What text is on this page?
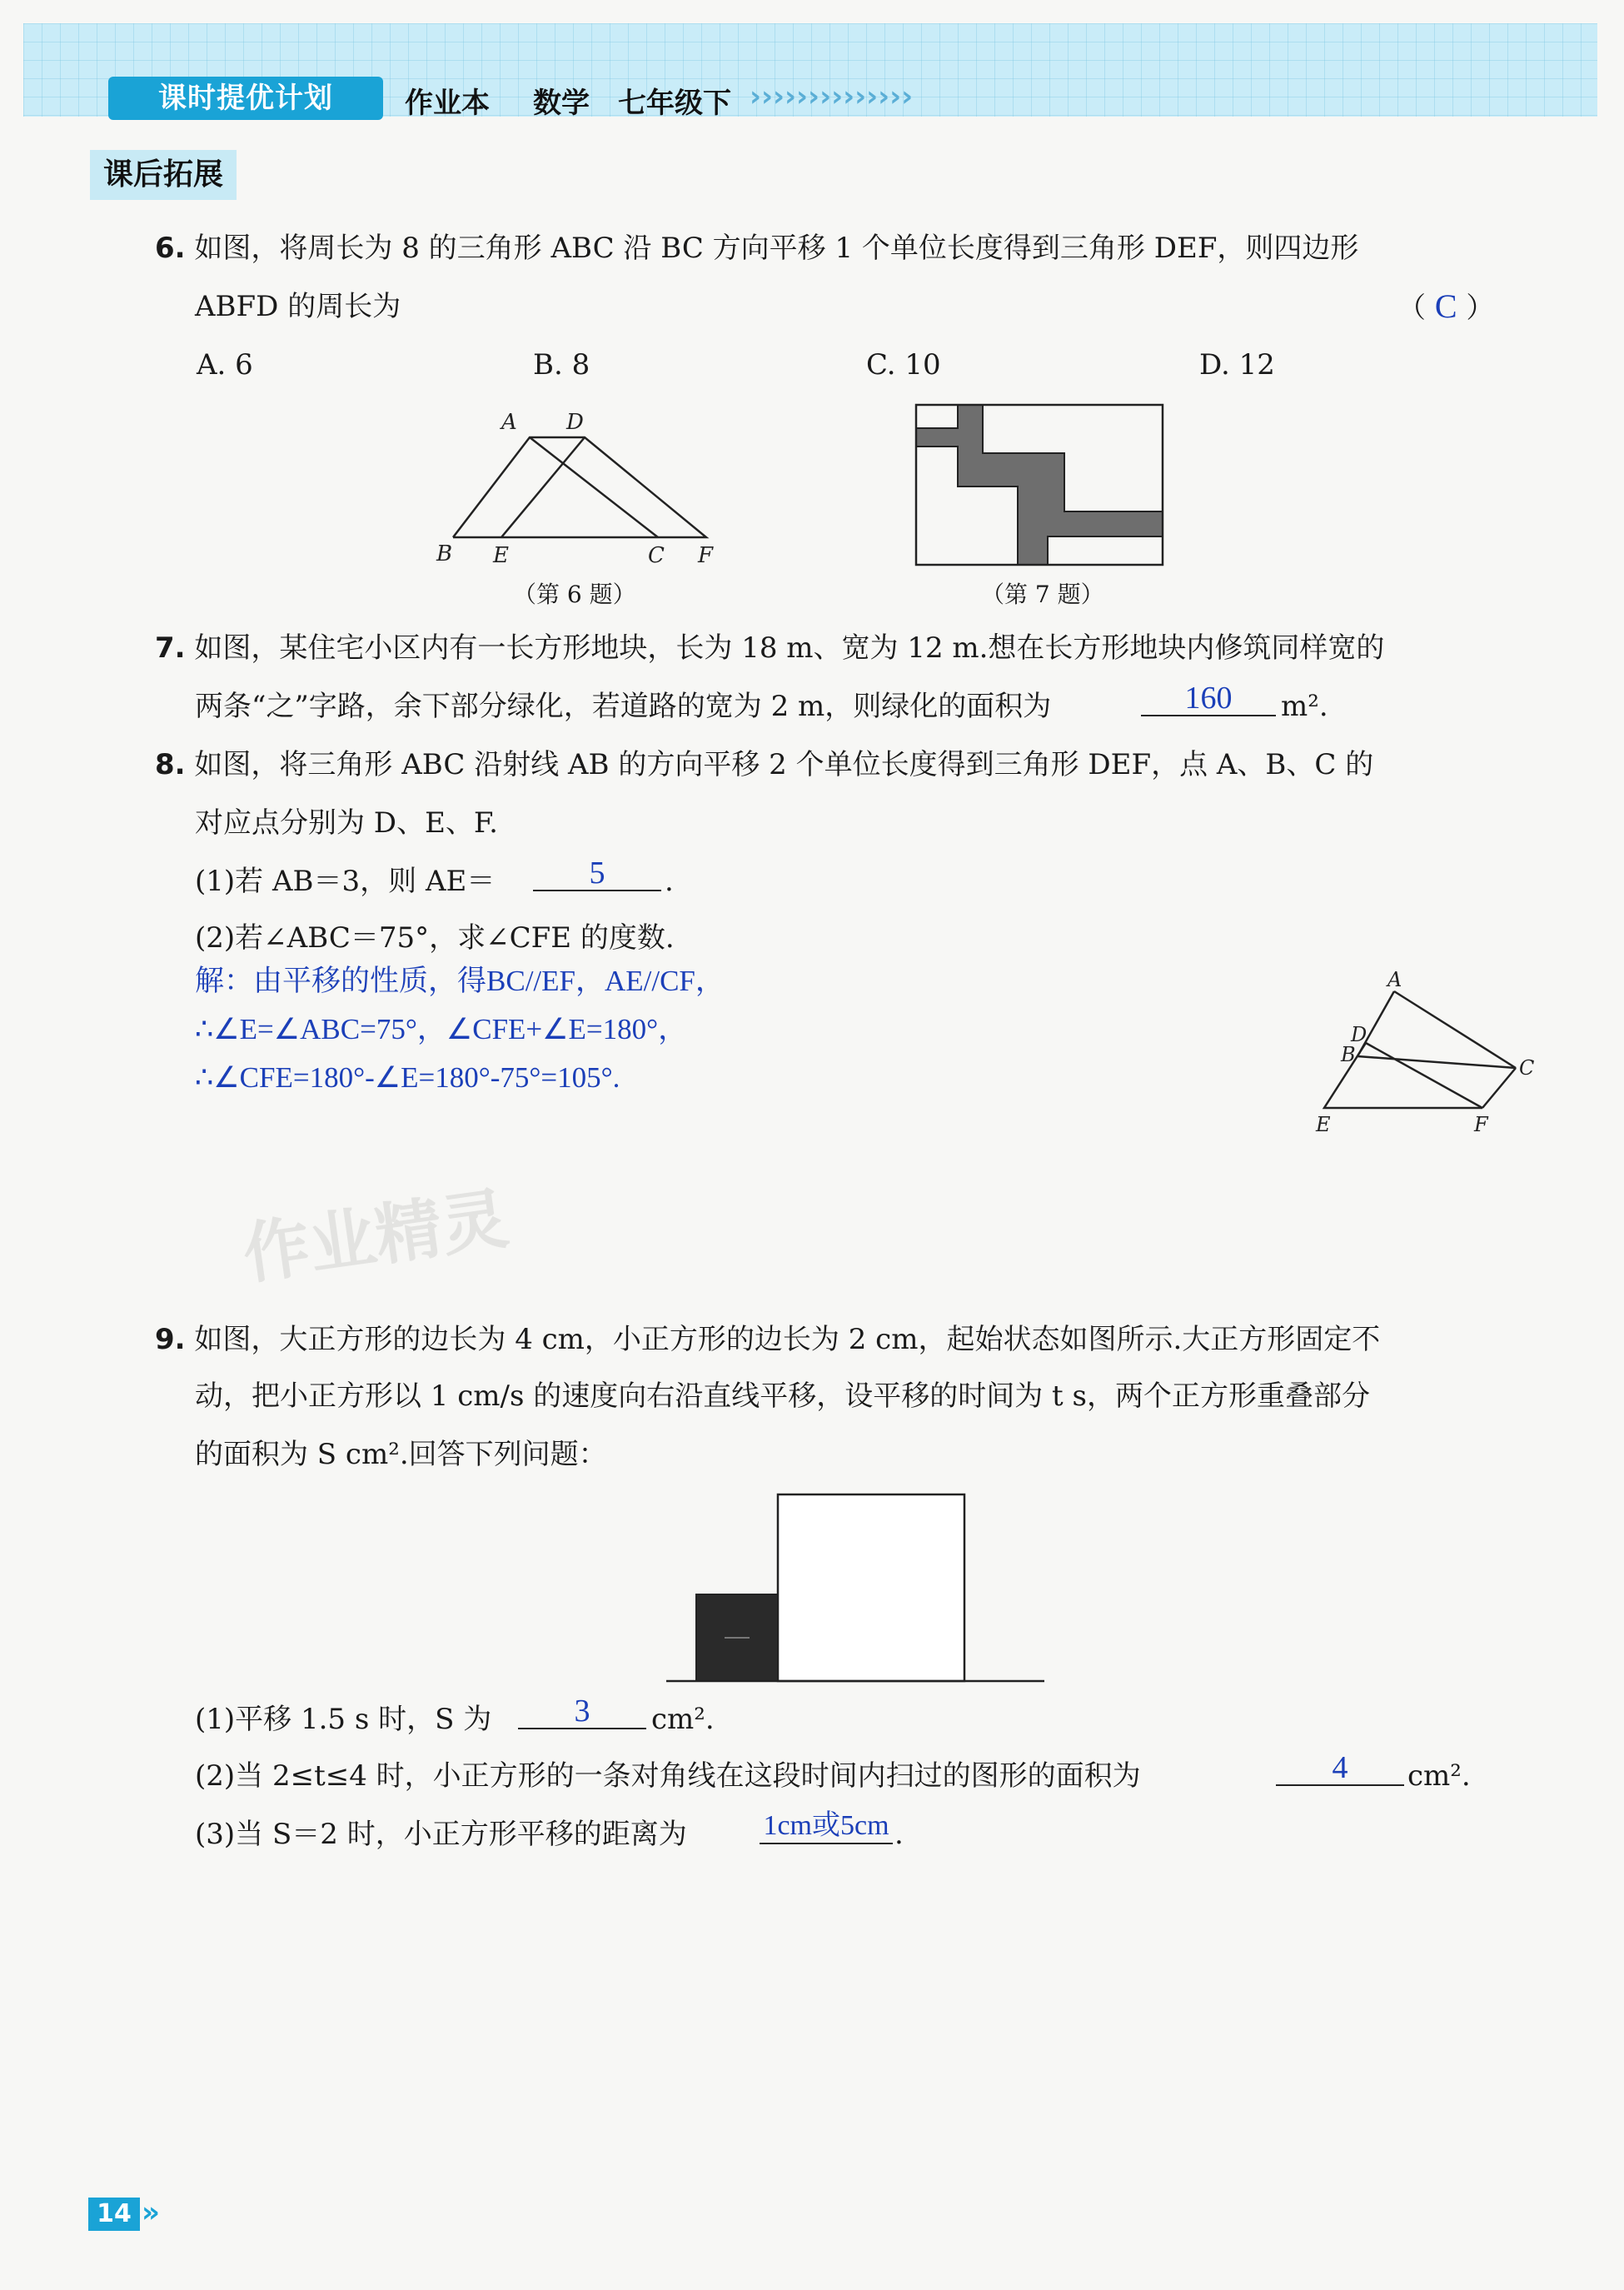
课时提优计划	作业本 数学 七年级下 ››››››››››››››
课后拓展
6. 如图，将周长为 8 的三角形 ABC 沿 BC 方向平移 1 个单位长度得到三角形 DEF，则四边形
ABFD 的周长为	（ C ）
A. 6	B. 8	C. 10	D. 12
A D
B E	C F
（第 6 题）	（第 7 题）
7. 如图，某住宅小区内有一长方形地块，长为 18 m、宽为 12 m.想在长方形地块内修筑同样宽的
两条“之”字路，余下部分绿化，若道路的宽为 2 m，则绿化的面积为	160	m².
8. 如图，将三角形 ABC 沿射线 AB 的方向平移 2 个单位长度得到三角形 DEF，点 A、B、C 的
对应点分别为 D、E、F.
(1)若 AB＝3，则 AE＝	5	.
(2)若∠ABC＝75°，求∠CFE 的度数.
解：由平移的性质，得BC//EF，AE//CF，
∴∠E=∠ABC=75°，∠CFE+∠E=180°，
∴∠CFE=180°-∠E=180°-75°=105°.
A
D
B
C
E	F
作业精灵
9. 如图，大正方形的边长为 4 cm，小正方形的边长为 2 cm，起始状态如图所示.大正方形固定不
动，把小正方形以 1 cm/s 的速度向右沿直线平移，设平移的时间为 t s，两个正方形重叠部分
的面积为 S cm².回答下列问题：
(1)平移 1.5 s 时，S 为	3	cm².
(2)当 2≤t≤4 时，小正方形的一条对角线在这段时间内扫过的图形的面积为	4	cm².
(3)当 S＝2 时，小正方形平移的距离为	1cm或5cm .
14 »
